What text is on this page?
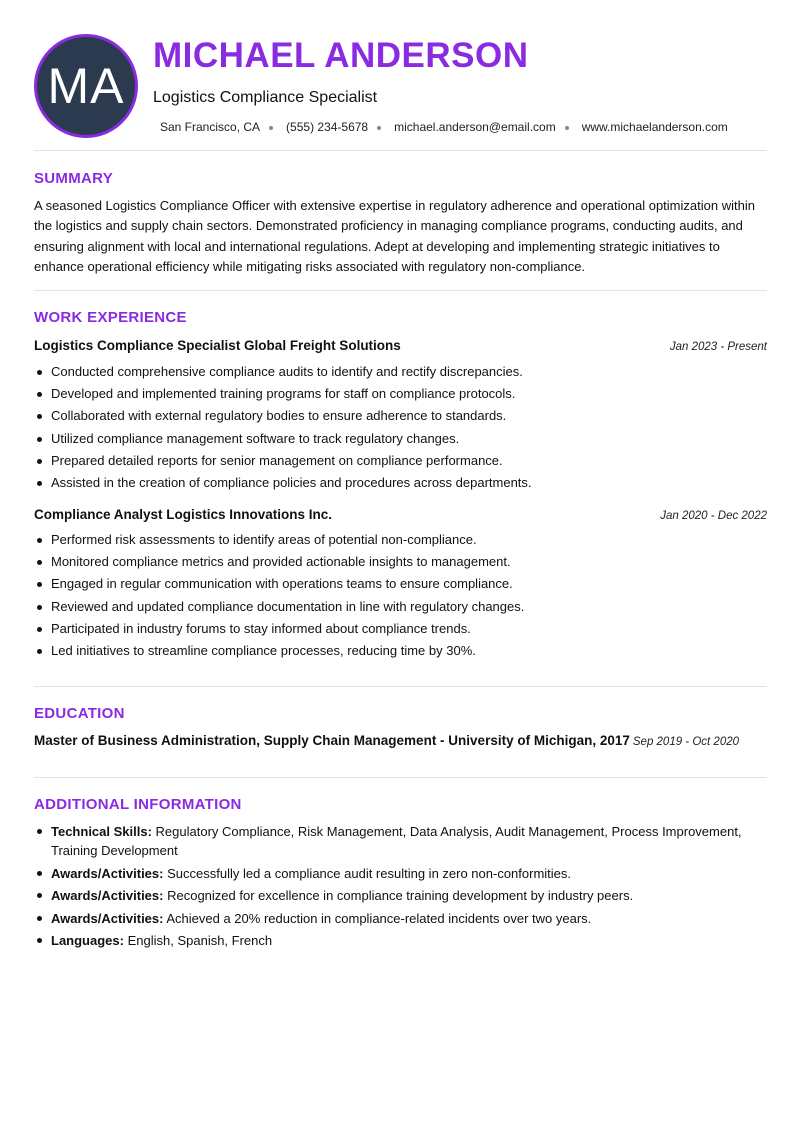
MA
MICHAEL ANDERSON
Logistics Compliance Specialist
San Francisco, CA (555) 234-5678 michael.anderson@email.com www.michaelanderson.com
SUMMARY
A seasoned Logistics Compliance Officer with extensive expertise in regulatory adherence and operational optimization within the logistics and supply chain sectors. Demonstrated proficiency in managing compliance programs, conducting audits, and ensuring alignment with local and international regulations. Adept at developing and implementing strategic initiatives to enhance operational efficiency while mitigating risks associated with regulatory non-compliance.
WORK EXPERIENCE
Logistics Compliance Specialist Global Freight Solutions	Jan 2023 - Present
Conducted comprehensive compliance audits to identify and rectify discrepancies.
Developed and implemented training programs for staff on compliance protocols.
Collaborated with external regulatory bodies to ensure adherence to standards.
Utilized compliance management software to track regulatory changes.
Prepared detailed reports for senior management on compliance performance.
Assisted in the creation of compliance policies and procedures across departments.
Compliance Analyst Logistics Innovations Inc.	Jan 2020 - Dec 2022
Performed risk assessments to identify areas of potential non-compliance.
Monitored compliance metrics and provided actionable insights to management.
Engaged in regular communication with operations teams to ensure compliance.
Reviewed and updated compliance documentation in line with regulatory changes.
Participated in industry forums to stay informed about compliance trends.
Led initiatives to streamline compliance processes, reducing time by 30%.
EDUCATION
Master of Business Administration, Supply Chain Management - University of Michigan, 2017 Sep 2019 - Oct 2020
ADDITIONAL INFORMATION
Technical Skills: Regulatory Compliance, Risk Management, Data Analysis, Audit Management, Process Improvement, Training Development
Awards/Activities: Successfully led a compliance audit resulting in zero non-conformities.
Awards/Activities: Recognized for excellence in compliance training development by industry peers.
Awards/Activities: Achieved a 20% reduction in compliance-related incidents over two years.
Languages: English, Spanish, French
